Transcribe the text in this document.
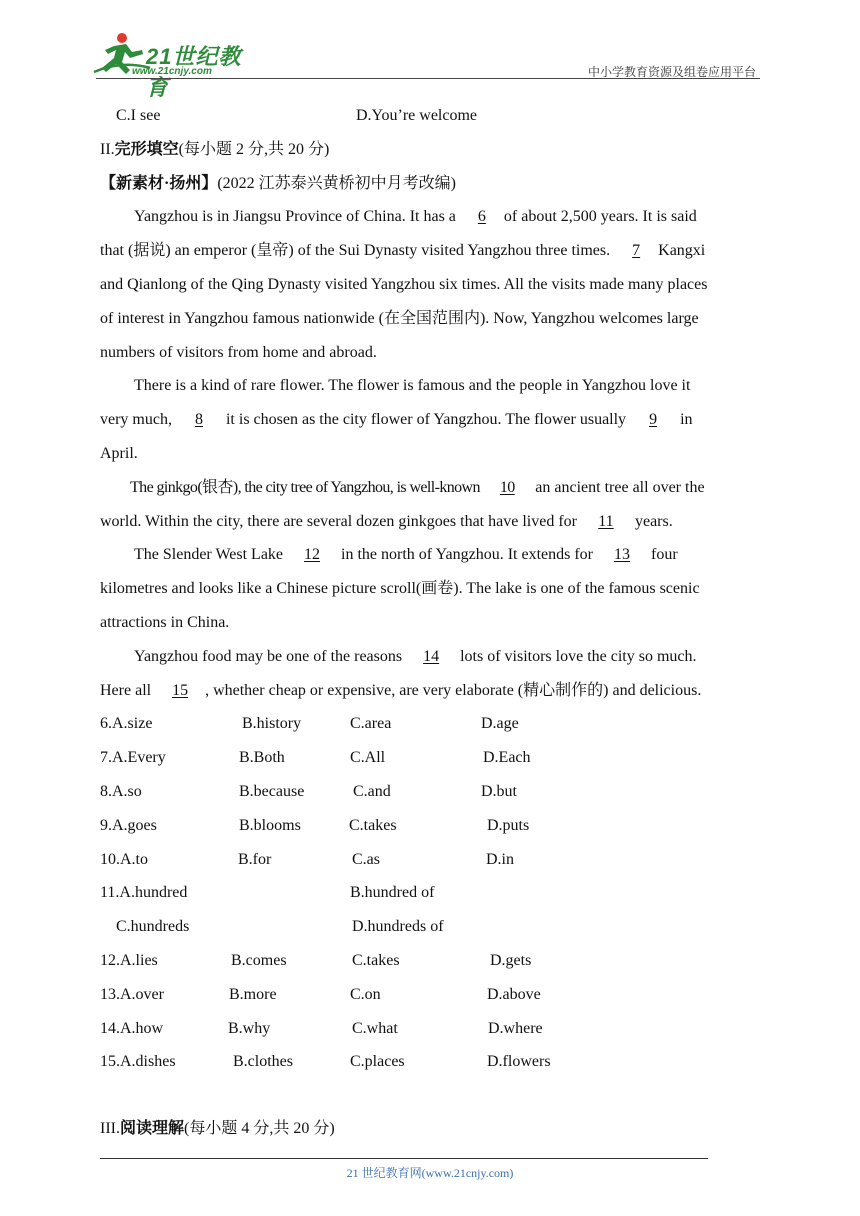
21世纪教育
www.21cnjy.com	中小学教育资源及组卷应用平台
C.I see	D.You’re welcome
II.完形填空(每小题 2 分,共 20 分)
【新素材·扬州】(2022 江苏泰兴黄桥初中月考改编)
Yangzhou is in Jiangsu Province of China. It has a 6 of about 2,500 years. It is said
that (据说) an emperor (皇帝) of the Sui Dynasty visited Yangzhou three times. 7 Kangxi
and Qianlong of the Qing Dynasty visited Yangzhou six times. All the visits made many places
of interest in Yangzhou famous nationwide (在全国范围内). Now, Yangzhou welcomes large
numbers of visitors from home and abroad.
There is a kind of rare flower. The flower is famous and the people in Yangzhou love it
very much, 8 it is chosen as the city flower of Yangzhou. The flower usually 9 in
April.
The ginkgo(银杏), the city tree of Yangzhou, is well-known 10 an ancient tree all over the
world. Within the city, there are several dozen ginkgoes that have lived for 11 years.
The Slender West Lake 12 in the north of Yangzhou. It extends for 13 four
kilometres and looks like a Chinese picture scroll(画卷). The lake is one of the famous scenic
attractions in China.
Yangzhou food may be one of the reasons 14 lots of visitors love the city so much.
Here all 15 , whether cheap or expensive, are very elaborate (精心制作的) and delicious.
6.A.size	B.history	C.area	D.age
7.A.Every	B.Both	C.All	D.Each
8.A.so	B.because	C.and	D.but
9.A.goes	B.blooms	C.takes	D.puts
10.A.to	B.for	C.as	D.in
11.A.hundred	B.hundred of
C.hundreds	D.hundreds of
12.A.lies	B.comes	C.takes	D.gets
13.A.over	B.more	C.on	D.above
14.A.how	B.why	C.what	D.where
15.A.dishes	B.clothes	C.places	D.flowers
III.阅读理解(每小题 4 分,共 20 分)
21 世纪教育网(www.21cnjy.com)
